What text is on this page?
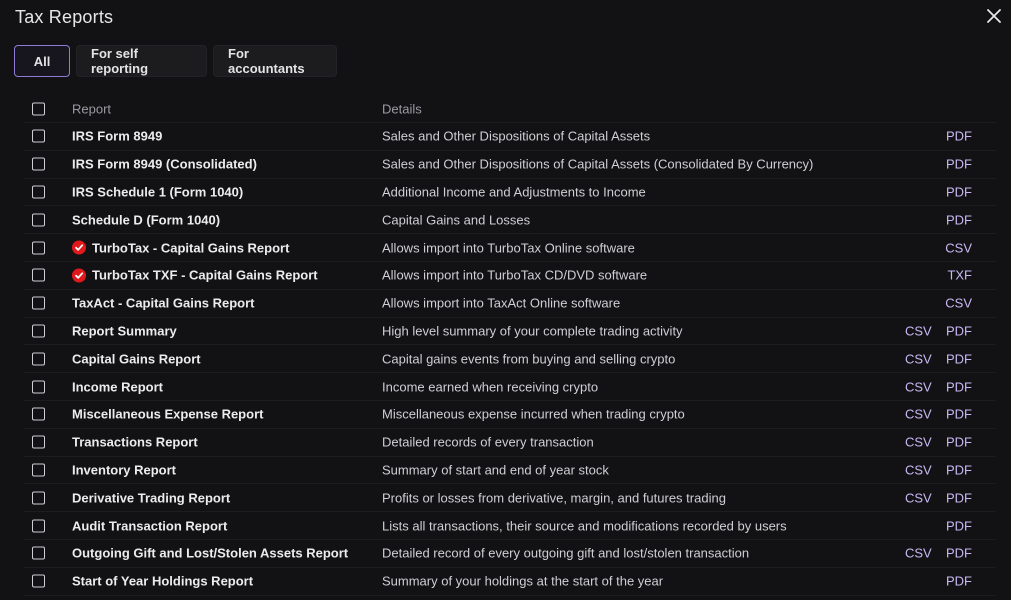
Tax Reports
All	For self reporting
For accountants
Report	Details
IRS Form 8949	Sales and Other Dispositions of Capital Assets	PDF
IRS Form 8949 (Consolidated)	Sales and Other Dispositions of Capital Assets (Consolidated By Currency)	PDF
IRS Schedule 1 (Form 1040)	Additional Income and Adjustments to Income	PDF
Schedule D (Form 1040)	Capital Gains and Losses	PDF
TurboTax - Capital Gains Report	Allows import into TurboTax Online software	CSV
TurboTax TXF - Capital Gains Report	Allows import into TurboTax CD/DVD software	TXF
TaxAct - Capital Gains Report	Allows import into TaxAct Online software	CSV
Report Summary	High level summary of your complete trading activity	CSV PDF
Capital Gains Report	Capital gains events from buying and selling crypto	CSV PDF
Income Report	Income earned when receiving crypto	CSV PDF
Miscellaneous Expense Report	Miscellaneous expense incurred when trading crypto	CSV PDF
Transactions Report	Detailed records of every transaction	CSV PDF
Inventory Report	Summary of start and end of year stock	CSV PDF
Derivative Trading Report	Profits or losses from derivative, margin, and futures trading	CSV PDF
Audit Transaction Report	Lists all transactions, their source and modifications recorded by users	PDF
Outgoing Gift and Lost/Stolen Assets Report	Detailed record of every outgoing gift and lost/stolen transaction	CSV PDF
Start of Year Holdings Report	Summary of your holdings at the start of the year	PDF
